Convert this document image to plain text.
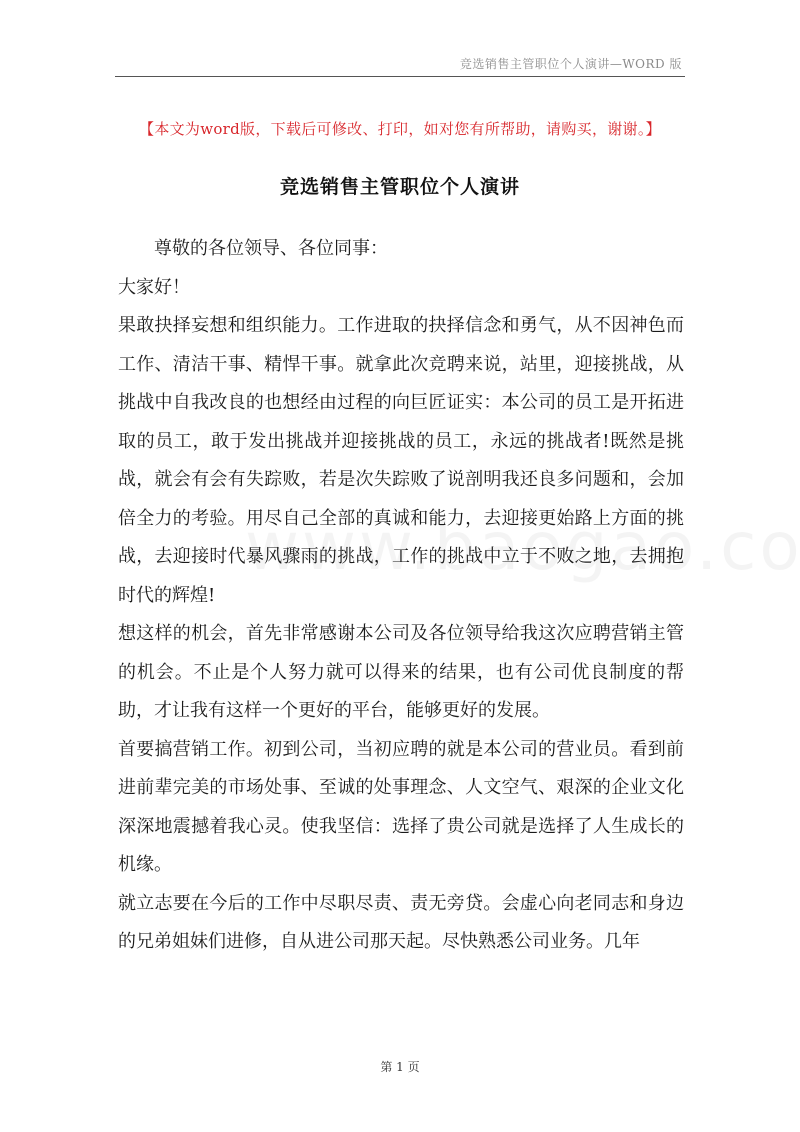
竞选销售主管职位个人演讲—WORD 版
【本文为word版，下载后可修改、打印，如对您有所帮助，请购买，谢谢。】
竞选销售主管职位个人演讲

尊敬的各位领导、各位同事：

大家好！

果敢抉择妄想和组织能力。工作进取的抉择信念和勇气，从不因神色而工作、清洁干事、精悍干事。就拿此次竞聘来说，站里，迎接挑战，从挑战中自我改良的也想经由过程的向巨匠证实：本公司的员工是开拓进取的员工，敢于发出挑战并迎接挑战的员工，永远的挑战者!既然是挑战，就会有会有失踪败，若是次失踪败了说剖明我还良多问题和，会加倍全力的考验。用尽自己全部的真诚和能力，去迎接更始路上方面的挑战，去迎接时代暴风骤雨的挑战，工作的挑战中立于不败之地，去拥抱时代的辉煌!

想这样的机会，首先非常感谢本公司及各位领导给我这次应聘营销主管的机会。不止是个人努力就可以得来的结果，也有公司优良制度的帮助，才让我有这样一个更好的平台，能够更好的发展。

首要搞营销工作。初到公司，当初应聘的就是本公司的营业员。看到前进前辈完美的市场处事、至诚的处事理念、人文空气、艰深的企业文化深深地震撼着我心灵。使我坚信：选择了贵公司就是选择了人生成长的机缘。

就立志要在今后的工作中尽职尽责、责无旁贷。会虚心向老同志和身边的兄弟姐妹们进修，自从进公司那天起。尽快熟悉公司业务。几年

第 1 页
